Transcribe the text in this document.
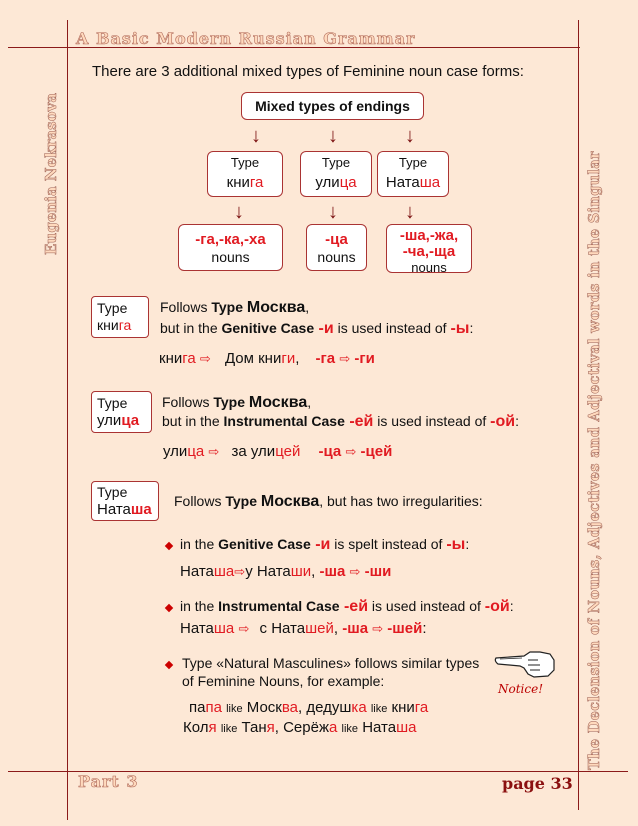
A Basic Modern Russian Grammar
Eugenia Nekrasova	The Declension of Nouns, Adjectives and Adjectival words in the Singular
There are 3 additional mixed types of Feminine noun case forms:
Mixed types of endings
↓	↓	↓
Type
книга
Type
улица
Type
Наташа
↓	↓	↓
-га,-ка,-ха
nouns
-ца
nouns
-ша,-жа,
-ча,-ща
nouns
Type
книга
Follows Type Москва,
but in the Genitive Case -и is used instead of -ы:
книга ⇨ Дом книги, -га ⇨ -ги
Type
улица
Follows Type Москва,
but in the Instrumental Case -ей is used instead of -ой:
улица ⇨ за улицей -ца ⇨ -цей
Type
Наташа	Follows Type Москва, but has two irregularities:
in the Genitive Case -и is spelt instead of -ы:
Наташа⇨у Наташи, -ша ⇨ -ши
in the Instrumental Case -ей is used instead of -ой:
Наташа ⇨ с Наташей, -ша ⇨ -шей:
Type «Natural Masculines» follows similar types
of Feminine Nouns, for example:	Notice!
папа like Москва, дедушка like книга
Коля like Таня, Серёжа like Наташа
Part 3	page 33
